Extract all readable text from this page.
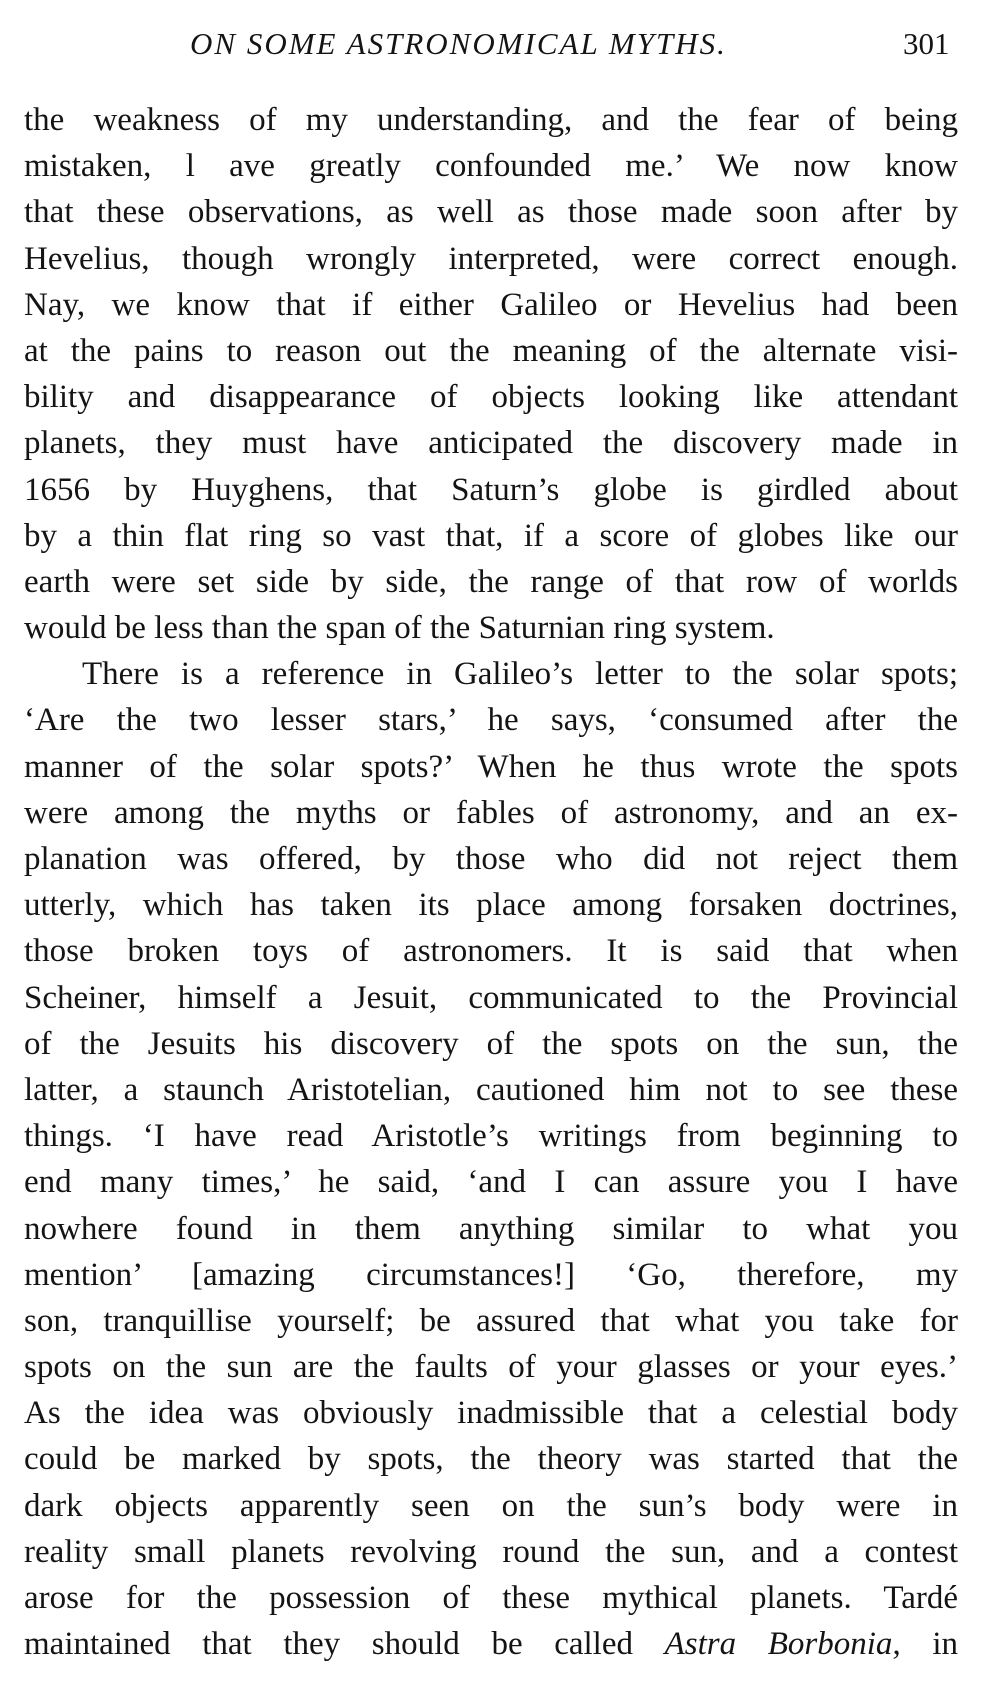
ON SOME ASTRONOMICAL MYTHS.	301
the weakness of my understanding, and the fear of being
mistaken, l ave greatly confounded me.’ We now know
that these observations, as well as those made soon after by
Hevelius, though wrongly interpreted, were correct enough.
Nay, we know that if either Galileo or Hevelius had been
at the pains to reason out the meaning of the alternate visi-
bility and disappearance of objects looking like attendant
planets, they must have anticipated the discovery made in
1656 by Huyghens, that Saturn’s globe is girdled about
by a thin flat ring so vast that, if a score of globes like our
earth were set side by side, the range of that row of worlds
would be less than the span of the Saturnian ring system.
There is a reference in Galileo’s letter to the solar spots;
‘Are the two lesser stars,’ he says, ‘consumed after the
manner of the solar spots?’ When he thus wrote the spots
were among the myths or fables of astronomy, and an ex-
planation was offered, by those who did not reject them
utterly, which has taken its place among forsaken doctrines,
those broken toys of astronomers. It is said that when
Scheiner, himself a Jesuit, communicated to the Provincial
of the Jesuits his discovery of the spots on the sun, the
latter, a staunch Aristotelian, cautioned him not to see these
things. ‘I have read Aristotle’s writings from beginning to
end many times,’ he said, ‘and I can assure you I have
nowhere found in them anything similar to what you
mention’ [amazing circumstances!] ‘Go, therefore, my
son, tranquillise yourself; be assured that what you take for
spots on the sun are the faults of your glasses or your eyes.’
As the idea was obviously inadmissible that a celestial body
could be marked by spots, the theory was started that the
dark objects apparently seen on the sun’s body were in
reality small planets revolving round the sun, and a contest
arose for the possession of these mythical planets. Tardé
maintained that they should be called Astra Borbonia, in
